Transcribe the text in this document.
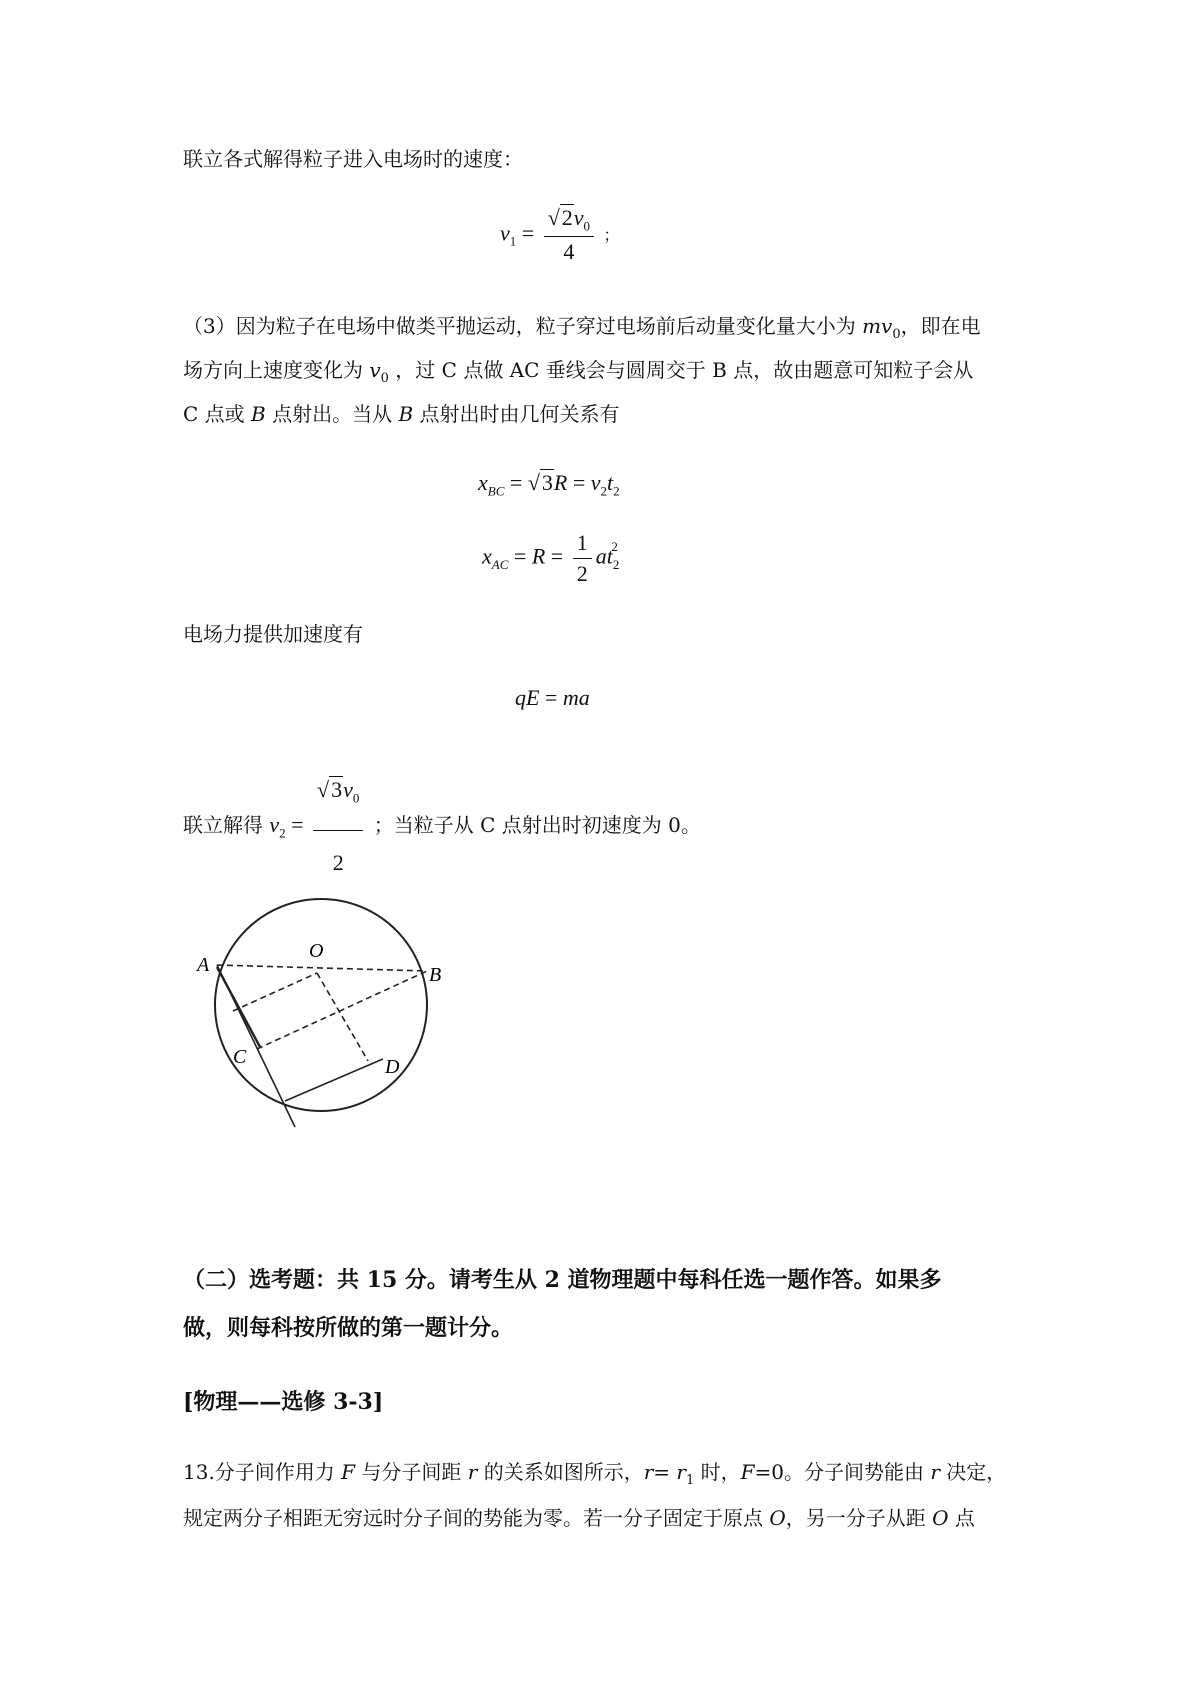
联立各式解得粒子进入电场时的速度：
$v_1 = \frac{√2v_0}{4}$ ；
（3）因为粒子在电场中做类平抛运动，粒子穿过电场前后动量变化量大小为 $mv_0$，即在电
场方向上速度变化为 $v_0$ ，过 C 点做 AC 垂线会与圆周交于 B 点，故由题意可知粒子会从
C 点或 B 点射出。当从 B 点射出时由几何关系有
$x_{BC} = √3R = v_2t_2$
$x_{AC} = R = \frac{1}{2} at_2^2$
电场力提供加速度有
qE = ma
联立解得 $v_2 = \frac{√3v_0}{2}$ ；当粒子从 C 点射出时初速度为 0。
A	B
O
C	D
（二）选考题：共 15 分。请考生从 2 道物理题中每科任选一题作答。如果多
做，则每科按所做的第一题计分。
[物理——选修 3-3]
13.分子间作用力 F 与分子间距 r 的关系如图所示，$r= r_1$ 时，F=0。分子间势能由 r 决定，
规定两分子相距无穷远时分子间的势能为零。若一分子固定于原点 O，另一分子从距 O 点
